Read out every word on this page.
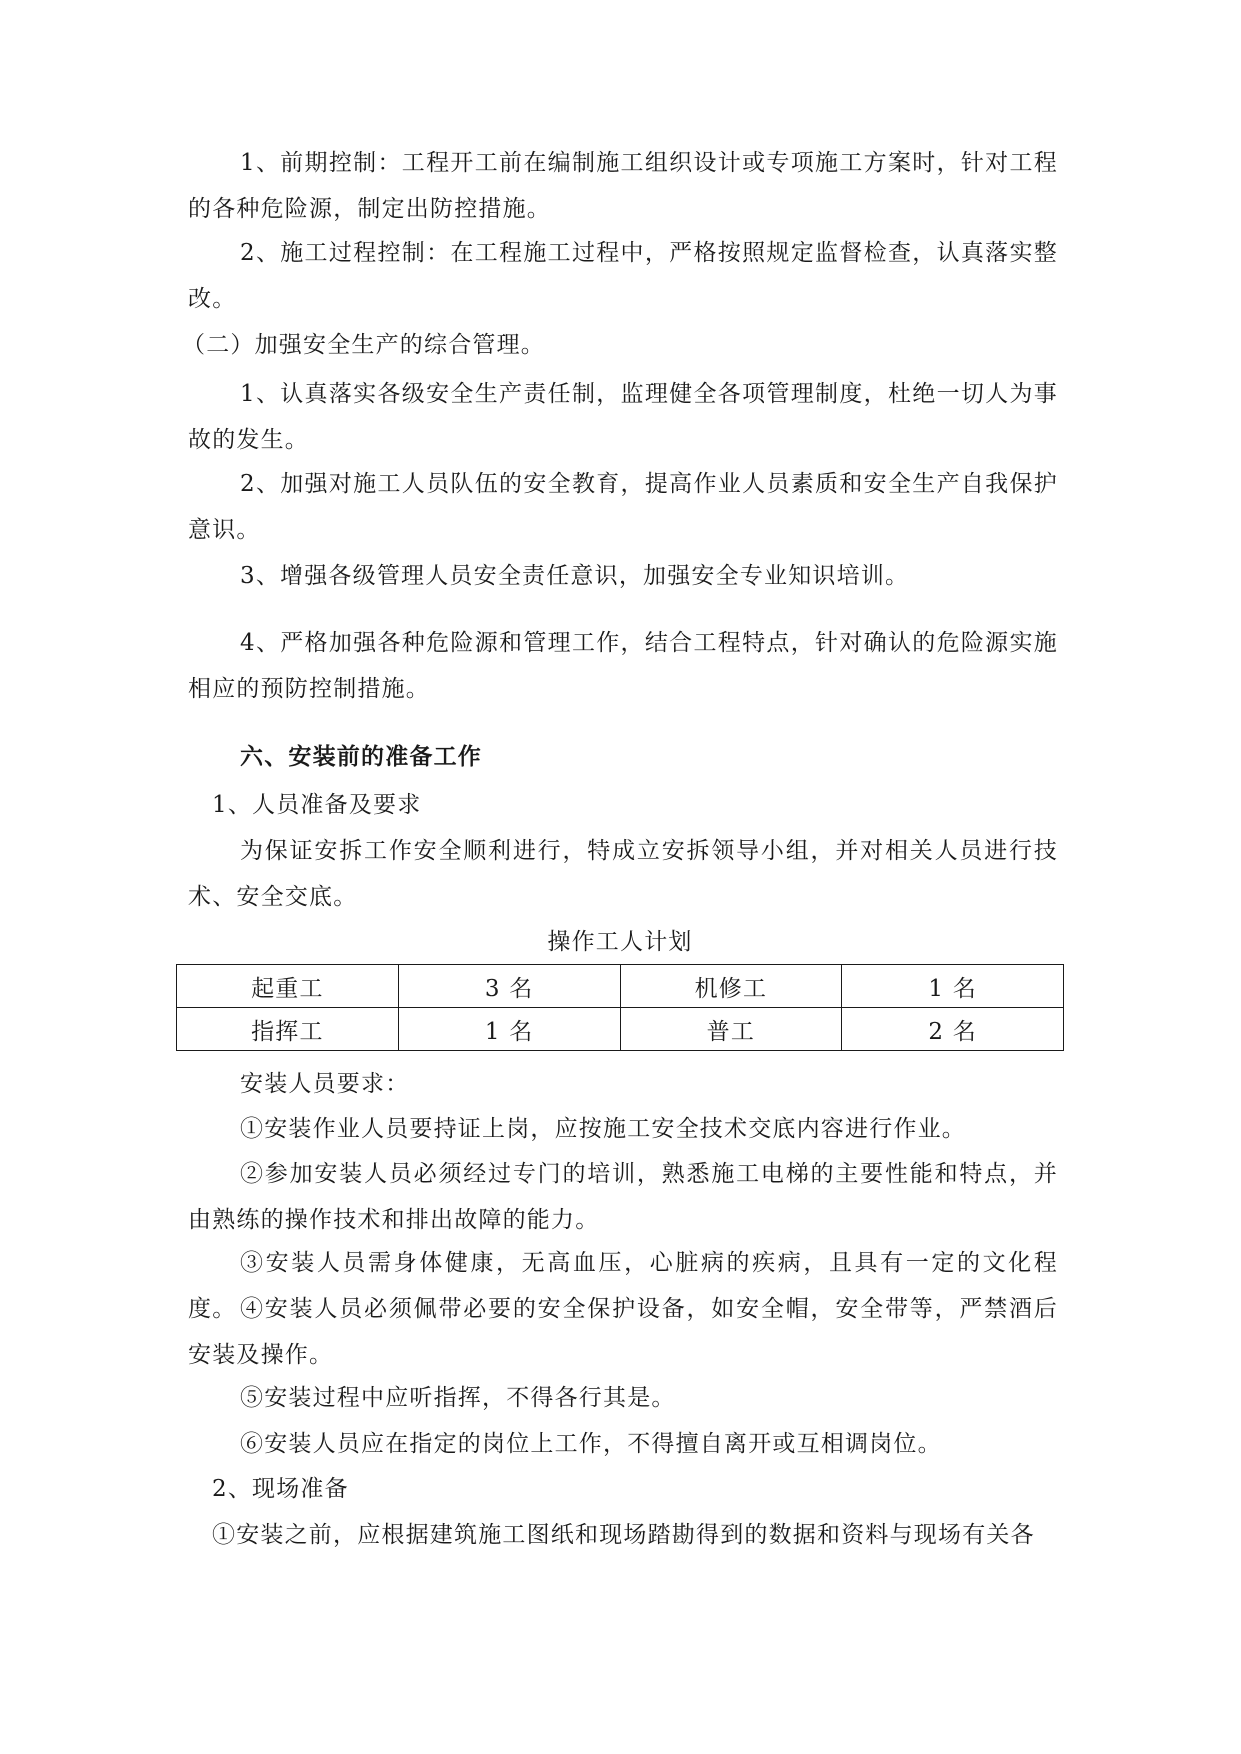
1、前期控制：工程开工前在编制施工组织设计或专项施工方案时，针对工程的各种危险源，制定出防控措施。

2、施工过程控制：在工程施工过程中，严格按照规定监督检查，认真落实整改。

（二）加强安全生产的综合管理。

1、认真落实各级安全生产责任制，监理健全各项管理制度，杜绝一切人为事故的发生。

2、加强对施工人员队伍的安全教育，提高作业人员素质和安全生产自我保护意识。

3、增强各级管理人员安全责任意识，加强安全专业知识培训。

4、严格加强各种危险源和管理工作，结合工程特点，针对确认的危险源实施相应的预防控制措施。

六、安装前的准备工作

1、人员准备及要求

为保证安拆工作安全顺利进行，特成立安拆领导小组，并对相关人员进行技术、安全交底。

操作工人计划
起重工	3 名	机修工	1 名
指挥工	1 名	普工	2 名

安装人员要求：

①安装作业人员要持证上岗，应按施工安全技术交底内容进行作业。

②参加安装人员必须经过专门的培训，熟悉施工电梯的主要性能和特点，并由熟练的操作技术和排出故障的能力。

③安装人员需身体健康，无高血压，心脏病的疾病，且具有一定的文化程度。 ④安装人员必须佩带必要的安全保护设备，如安全帽，安全带等，严禁酒后安装及操作。

⑤安装过程中应听指挥，不得各行其是。

⑥安装人员应在指定的岗位上工作，不得擅自离开或互相调岗位。

2、现场准备

①安装之前，应根据建筑施工图纸和现场踏勘得到的数据和资料与现场有关各
